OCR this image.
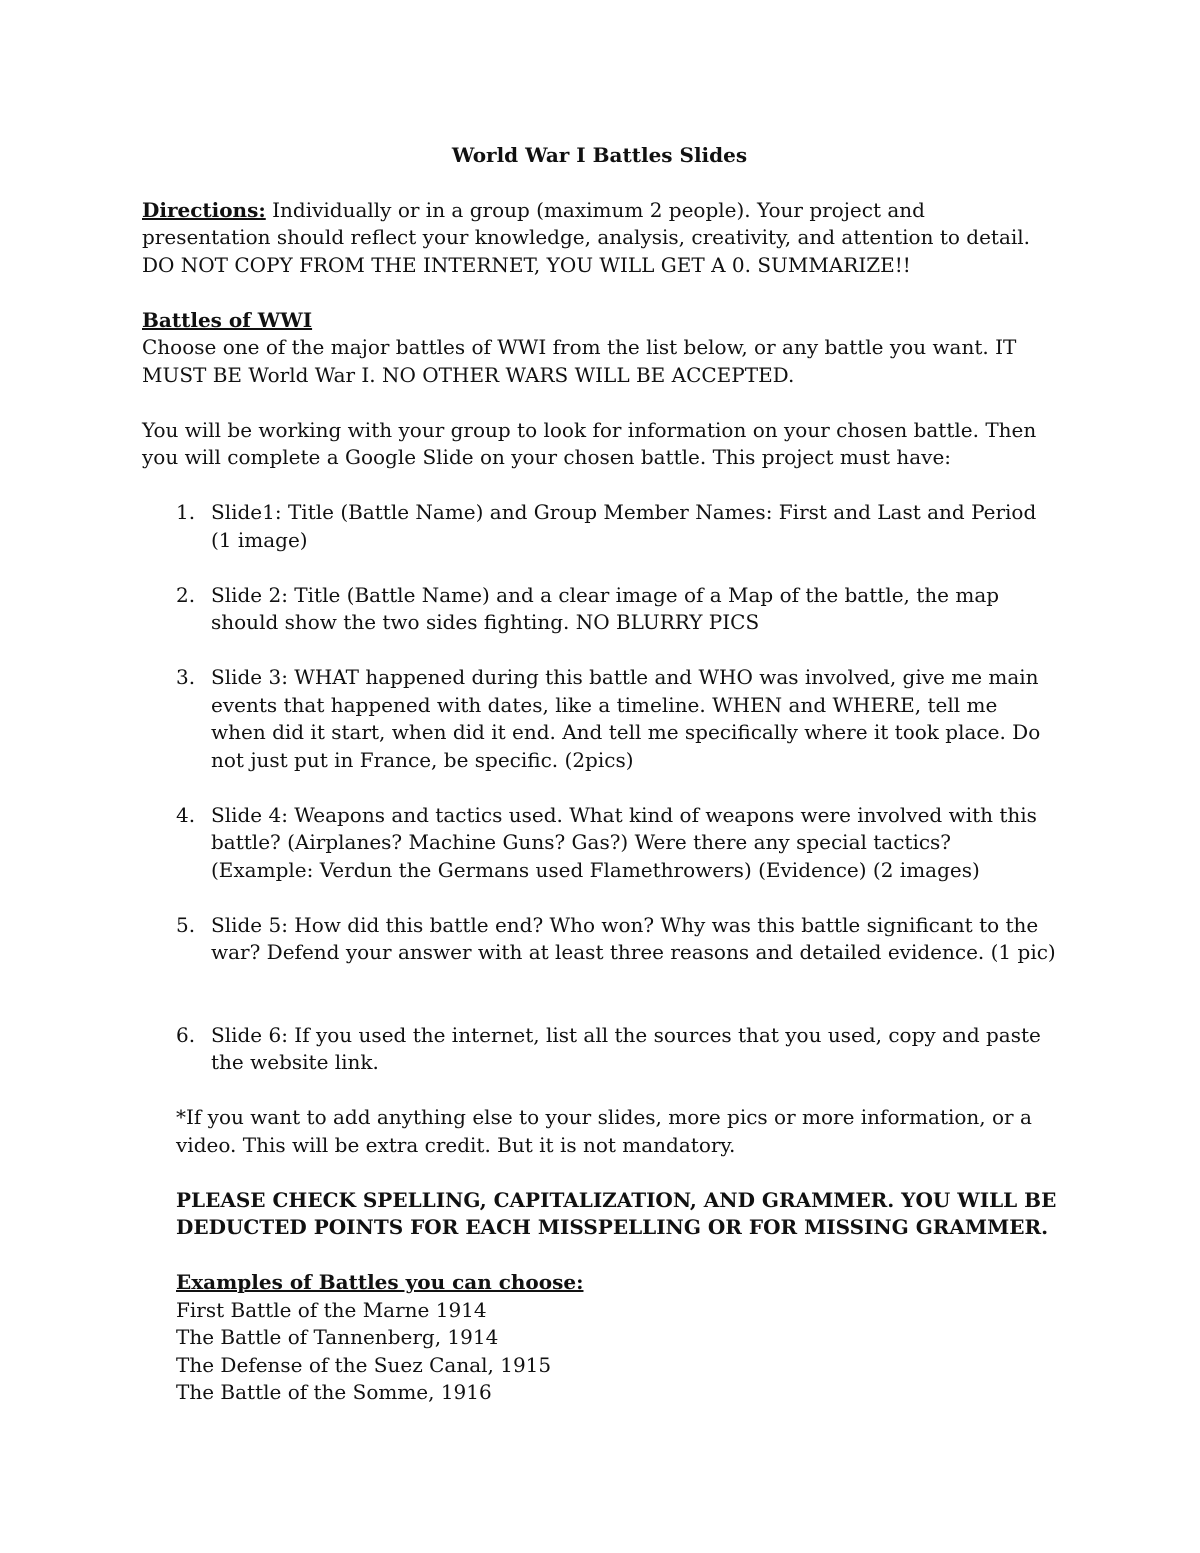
World War I Battles Slides

Directions: Individually or in a group (maximum 2 people). Your project and presentation should reflect your knowledge, analysis, creativity, and attention to detail. DO NOT COPY FROM THE INTERNET, YOU WILL GET A 0. SUMMARIZE!!

Battles of WWI

Choose one of the major battles of WWI from the list below, or any battle you want. IT MUST BE World War I. NO OTHER WARS WILL BE ACCEPTED.

You will be working with your group to look for information on your chosen battle. Then you will complete a Google Slide on your chosen battle. This project must have:

1. Slide1: Title (Battle Name) and Group Member Names: First and Last and Period (1 image)
2. Slide 2: Title (Battle Name) and a clear image of a Map of the battle, the map should show the two sides fighting. NO BLURRY PICS
3. Slide 3: WHAT happened during this battle and WHO was involved, give me main events that happened with dates, like a timeline. WHEN and WHERE, tell me when did it start, when did it end. And tell me specifically where it took place. Do not just put in France, be specific. (2pics)
4. Slide 4: Weapons and tactics used. What kind of weapons were involved with this battle? (Airplanes? Machine Guns? Gas?) Were there any special tactics? (Example: Verdun the Germans used Flamethrowers) (Evidence) (2 images)
5. Slide 5: How did this battle end? Who won? Why was this battle significant to the war? Defend your answer with at least three reasons and detailed evidence. (1 pic)
6. Slide 6: If you used the internet, list all the sources that you used, copy and paste the website link.

*If you want to add anything else to your slides, more pics or more information, or a video. This will be extra credit. But it is not mandatory.

PLEASE CHECK SPELLING, CAPITALIZATION, AND GRAMMER. YOU WILL BE DEDUCTED POINTS FOR EACH MISSPELLING OR FOR MISSING GRAMMER.

Examples of Battles you can choose:

First Battle of the Marne 1914

The Battle of Tannenberg, 1914

The Defense of the Suez Canal, 1915

The Battle of the Somme, 1916
